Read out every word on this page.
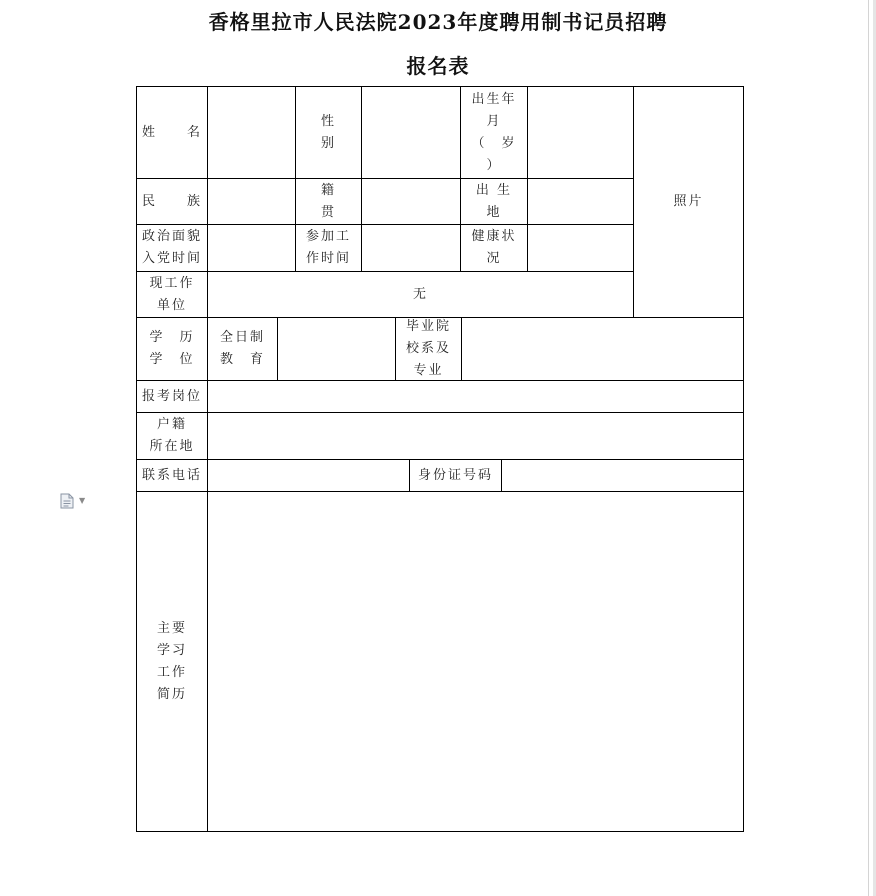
香格里拉市人民法院2023年度聘用制书记员招聘
报名表
姓　　名
性
别
出生年
月
（　岁
）
照片
民　　族
籍
贯
出 生
地
政治面貌
入党时间
参加工
作时间
健康状
况
现工作
单位
无
学　历
学　位
全日制
教　育
毕业院
校系及
专业
报考岗位
户籍
所在地
联系电话	身份证号码
主要
学习
工作
简历
▼
